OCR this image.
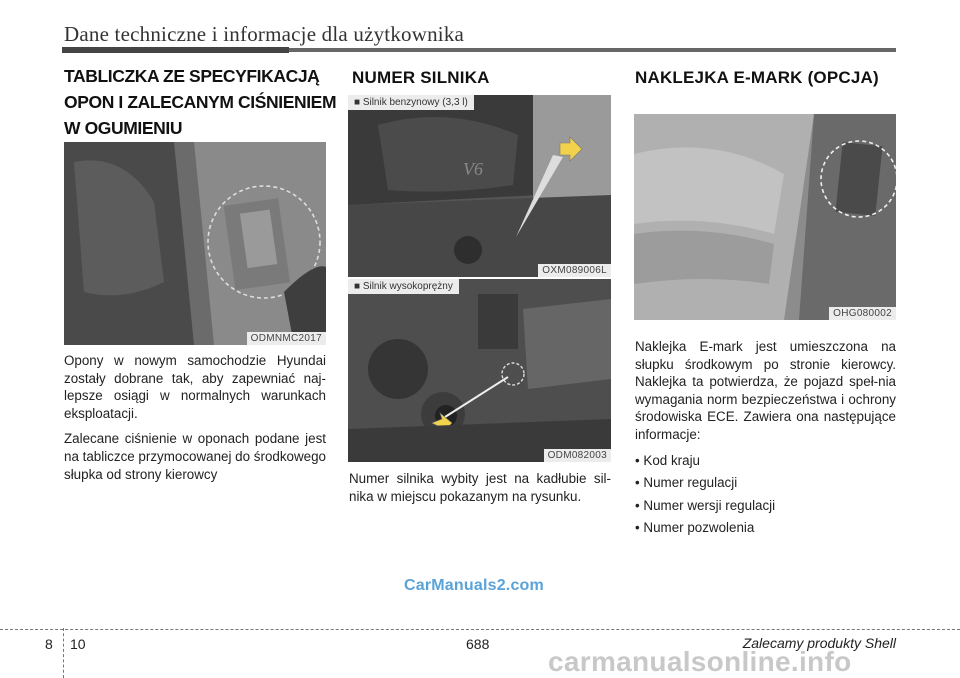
Dane techniczne i informacje dla użytkownika
TABLICZKA ZE SPECYFIKACJĄ OPON I ZALECANYM CIŚNIENIEM W OGUMIENIU
ODMNMC2017

Opony w nowym samochodzie Hyundai zostały dobrane tak, aby zapewniać naj-lepsze osiągi w normalnych warunkach eksploatacji.

Zalecane ciśnienie w oponach podane jest na tabliczce przymocowanej do środkowego słupka od strony kierowcy

NUMER SILNIKA
V6
■ Silnik benzynowy (3,3 l)
OXM089006L
■ Silnik wysokoprężny
ODM082003

Numer silnika wybity jest na kadłubie sil-nika w miejscu pokazanym na rysunku.

NAKLEJKA E-MARK (OPCJA)
OHG080002

Naklejka E-mark jest umieszczona na słupku środkowym po stronie kierowcy. Naklejka ta potwierdza, że pojazd speł-nia wymagania norm bezpieczeństwa i ochrony środowiska ECE. Zawiera ona następujące informacje:

• Kod kraju
• Numer regulacji
• Numer wersji regulacji
• Numer pozwolenia
CarManuals2.com
8 10	688	Zalecamy produkty Shell
carmanualsonline.info
